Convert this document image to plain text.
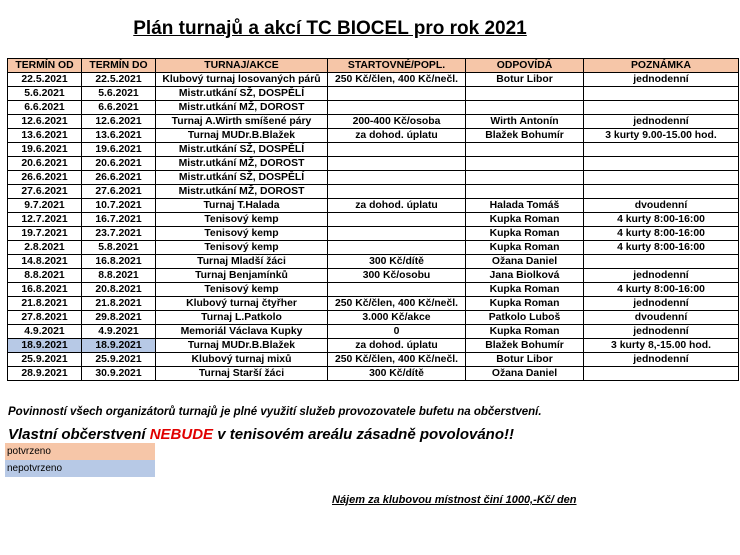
Plán turnajů a akcí TC BIOCEL pro rok 2021
TERMÍN OD	TERMÍN DO	TURNAJ/AKCE	STARTOVNÉ/POPL.	ODPOVÍDÁ	POZNÁMKA
22.5.2021	22.5.2021	Klubový turnaj losovaných párů	250 Kč/člen, 400 Kč/nečl.	Botur Libor	jednodenní
5.6.2021	5.6.2021	Mistr.utkání SŽ, DOSPĚLÍ			
6.6.2021	6.6.2021	Mistr.utkání MŽ, DOROST			
12.6.2021	12.6.2021	Turnaj A.Wirth smíšené páry	200-400 Kč/osoba	Wirth Antonín	jednodenní
13.6.2021	13.6.2021	Turnaj MUDr.B.Blažek	za dohod. úplatu	Blažek Bohumír	3 kurty 9.00-15.00 hod.
19.6.2021	19.6.2021	Mistr.utkání SŽ, DOSPĚLÍ			
20.6.2021	20.6.2021	Mistr.utkání MŽ, DOROST			
26.6.2021	26.6.2021	Mistr.utkání SŽ, DOSPĚLÍ			
27.6.2021	27.6.2021	Mistr.utkání MŽ, DOROST			
9.7.2021	10.7.2021	Turnaj T.Halada	za dohod. úplatu	Halada Tomáš	dvoudenní
12.7.2021	16.7.2021	Tenisový kemp		Kupka Roman	4 kurty 8:00-16:00
19.7.2021	23.7.2021	Tenisový kemp		Kupka Roman	4 kurty 8:00-16:00
2.8.2021	5.8.2021	Tenisový kemp		Kupka Roman	4 kurty 8:00-16:00
14.8.2021	16.8.2021	Turnaj Mladší žáci	300 Kč/dítě	Ožana Daniel	
8.8.2021	8.8.2021	Turnaj Benjamínků	300 Kč/osobu	Jana Biolková	jednodenní
16.8.2021	20.8.2021	Tenisový kemp		Kupka Roman	4 kurty 8:00-16:00
21.8.2021	21.8.2021	Klubový turnaj čtyřher	250 Kč/člen, 400 Kč/nečl.	Kupka Roman	jednodenní
27.8.2021	29.8.2021	Turnaj L.Patkolo	3.000 Kč/akce	Patkolo Luboš	dvoudenní
4.9.2021	4.9.2021	Memoriál Václava Kupky	0	Kupka Roman	jednodenní
18.9.2021	18.9.2021	Turnaj MUDr.B.Blažek	za dohod. úplatu	Blažek Bohumír	3 kurty 8,-15.00 hod.
25.9.2021	25.9.2021	Klubový turnaj mixů	250 Kč/člen, 400 Kč/nečl.	Botur Libor	jednodenní
28.9.2021	30.9.2021	Turnaj Starší žáci	300 Kč/dítě	Ožana Daniel	
Povinností všech organizátorů turnajů je plné využití služeb provozovatele bufetu na občerstvení.
Vlastní občerstvení NEBUDE v tenisovém areálu zásadně povolováno!!
potvrzeno
nepotvrzeno
Nájem za klubovou místnost činí 1000,-Kč/ den
